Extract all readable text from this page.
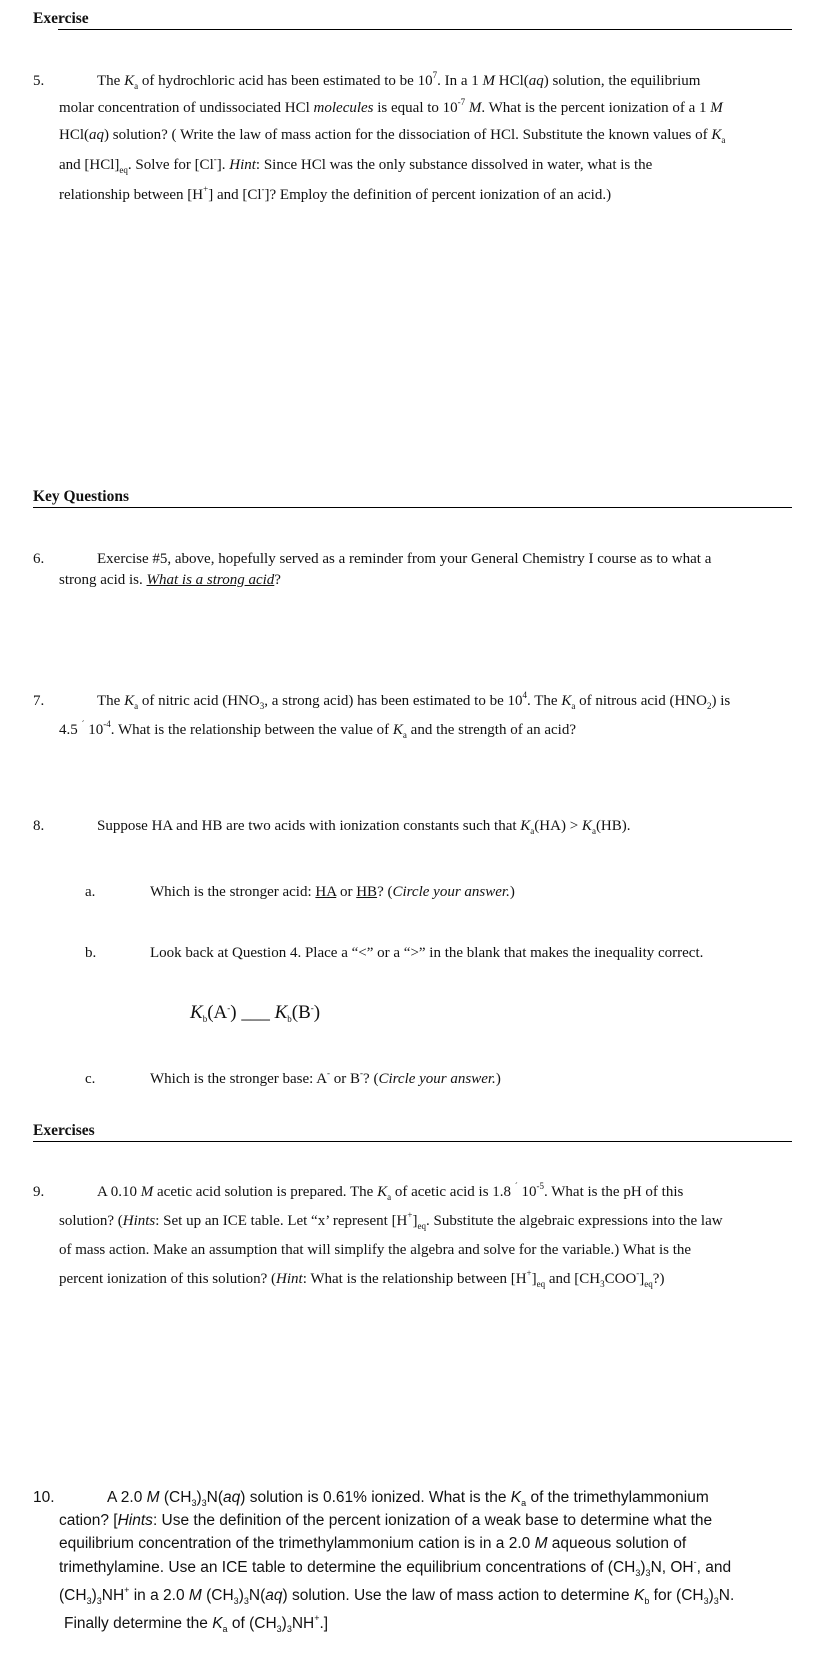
Exercise
5.	The $K_a$ of hydrochloric acid has been estimated to be $10^7$. In a 1 M HCl(aq) solution, the equilibrium
molar concentration of undissociated HCl molecules is equal to $10^{-7}$ M. What is the percent ionization of a 1 M
HCl(aq) solution? ( Write the law of mass action for the dissociation of HCl. Substitute the known values of $K_a$
and $[HCl]_{eq}$. Solve for [Cl-]. Hint: Since HCl was the only substance dissolved in water, what is the
relationship between [H+] and [Cl-]? Employ the definition of percent ionization of an acid.)
Key Questions
6.	Exercise #5, above, hopefully served as a reminder from your General Chemistry I course as to what a
strong acid is. What is a strong acid?
7.	The $K_a$ of nitric acid ($HNO_3$, a strong acid) has been estimated to be $10^4$. The $K_a$ of nitrous acid $(HNO_2)$ is
4.5 ´ $10^{-4}$. What is the relationship between the value of $K_a$ and the strength of an acid?
8.	Suppose HA and HB are two acids with ionization constants such that $K_a(HA) > K_a(HB)$.
a.	Which is the stronger acid: HA or HB? (Circle your answer.)
b.	Look back at Question 4. Place a “<” or a “>” in the blank that makes the inequality correct.
$K_b(A^-)$ ___ $K_b(B^-)$
c.	Which is the stronger base: A- or B-? (Circle your answer.)
Exercises
9.	A 0.10 M acetic acid solution is prepared. The $K_a$ of acetic acid is 1.8 ´ $10^{-5}$. What is the pH of this
solution? (Hints: Set up an ICE table. Let “x’ represent $[H^+]_{eq}$. Substitute the algebraic expressions into the law
of mass action. Make an assumption that will simplify the algebra and solve for the variable.) What is the
percent ionization of this solution? (Hint: What is the relationship between $[H^+]_{eq}$ and $[CH_3COO^-]_{eq}$?)
10.	A 2.0 M $(CH_3)_3N(aq)$ solution is 0.61% ionized. What is the $K_a$ of the trimethylammonium
cation? [Hints: Use the definition of the percent ionization of a weak base to determine what the
equilibrium concentration of the trimethylammonium cation is in a 2.0 M aqueous solution of
trimethylamine. Use an ICE table to determine the equilibrium concentrations of $(CH_3)_3N$, OH-, and
$(CH_3)_3NH^+$ in a 2.0 M $(CH_3)_3N(aq)$ solution. Use the law of mass action to determine $K_b$ for $(CH_3)_3N$.
Finally determine the $K_a$ of $(CH_3)_3NH^+$.]
